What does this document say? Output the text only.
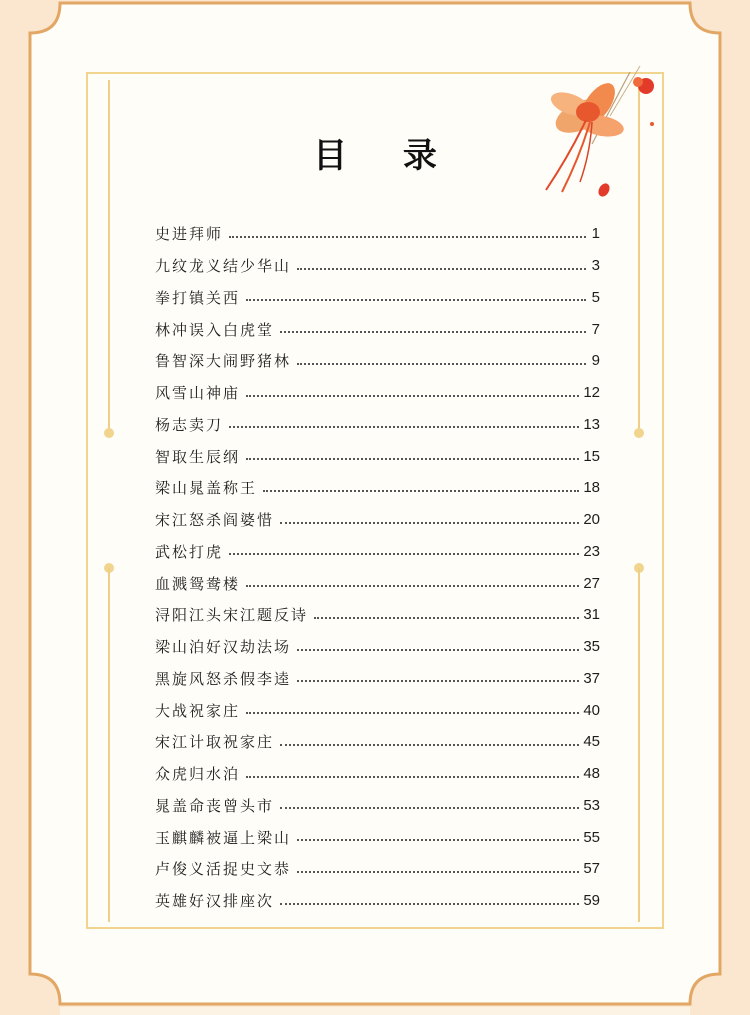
目 录
史进拜师	1
九纹龙义结少华山	3
拳打镇关西	5
林冲误入白虎堂	7
鲁智深大闹野猪林	9
风雪山神庙	12
杨志卖刀	13
智取生辰纲	15
梁山晁盖称王	18
宋江怒杀阎婆惜	20
武松打虎	23
血溅鸳鸯楼	27
浔阳江头宋江题反诗	31
梁山泊好汉劫法场	35
黑旋风怒杀假李逵	37
大战祝家庄	40
宋江计取祝家庄	45
众虎归水泊	48
晁盖命丧曾头市	53
玉麒麟被逼上梁山	55
卢俊义活捉史文恭	57
英雄好汉排座次	59
